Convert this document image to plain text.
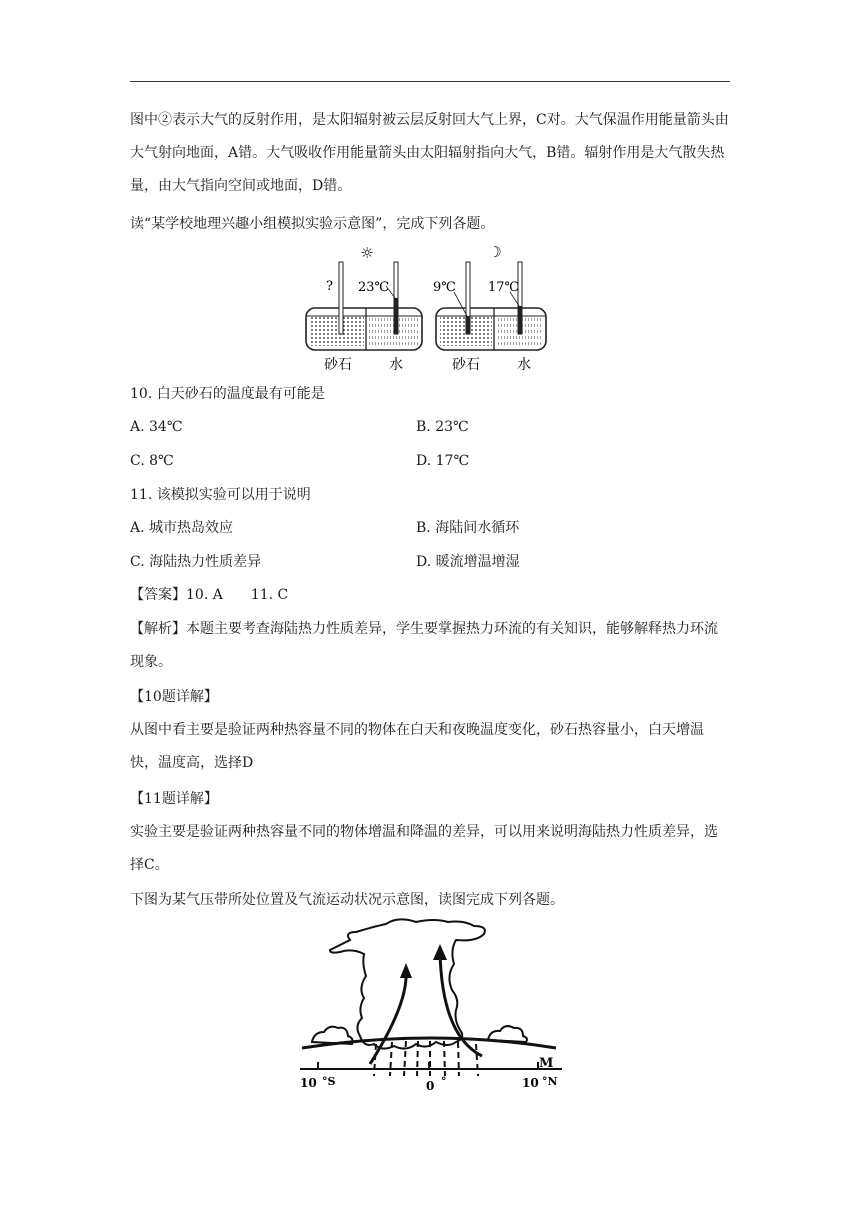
图中②表示大气的反射作用，是太阳辐射被云层反射回大气上界，C对。大气保温作用能量箭头由大气射向地面，A错。大气吸收作用能量箭头由太阳辐射指向大气，B错。辐射作用是大气散失热量，由大气指向空间或地面，D错。

读“某学校地理兴趣小组模拟实验示意图”，完成下列各题。
☼	☽
? 23℃	9℃ 17℃
砂石	水	砂石	水
10. 白天砂石的温度最有可能是
A. 34℃	B. 23℃
C. 8℃	D. 17℃
11. 该模拟实验可以用于说明
A. 城市热岛效应	B. 海陆间水循环
C. 海陆热力性质差异	D. 暖流增温增湿
【答案】10. A　　11. C

【解析】本题主要考查海陆热力性质差异，学生要掌握热力环流的有关知识，能够解释热力环流现象。

【10题详解】

从图中看主要是验证两种热容量不同的物体在白天和夜晚温度变化，砂石热容量小，白天增温快，温度高，选择D

【11题详解】

实验主要是验证两种热容量不同的物体增温和降温的差异，可以用来说明海陆热力性质差异，选择C。

下图为某气压带所处位置及气流运动状况示意图，读图完成下列各题。
M
10 °S	0 °	10 °N
